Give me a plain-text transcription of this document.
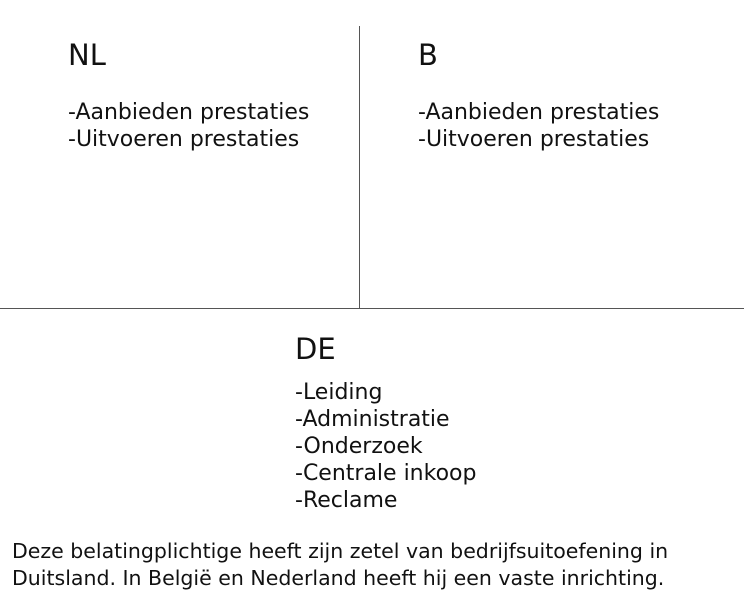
NL
-Aanbieden prestaties
-Uitvoeren prestaties
B
-Aanbieden prestaties
-Uitvoeren prestaties
DE
-Leiding
-Administratie
-Onderzoek
-Centrale inkoop
-Reclame

Deze belatingplichtige heeft zijn zetel van bedrijfsuitoefening in
Duitsland. In België en Nederland heeft hij een vaste inrichting.
